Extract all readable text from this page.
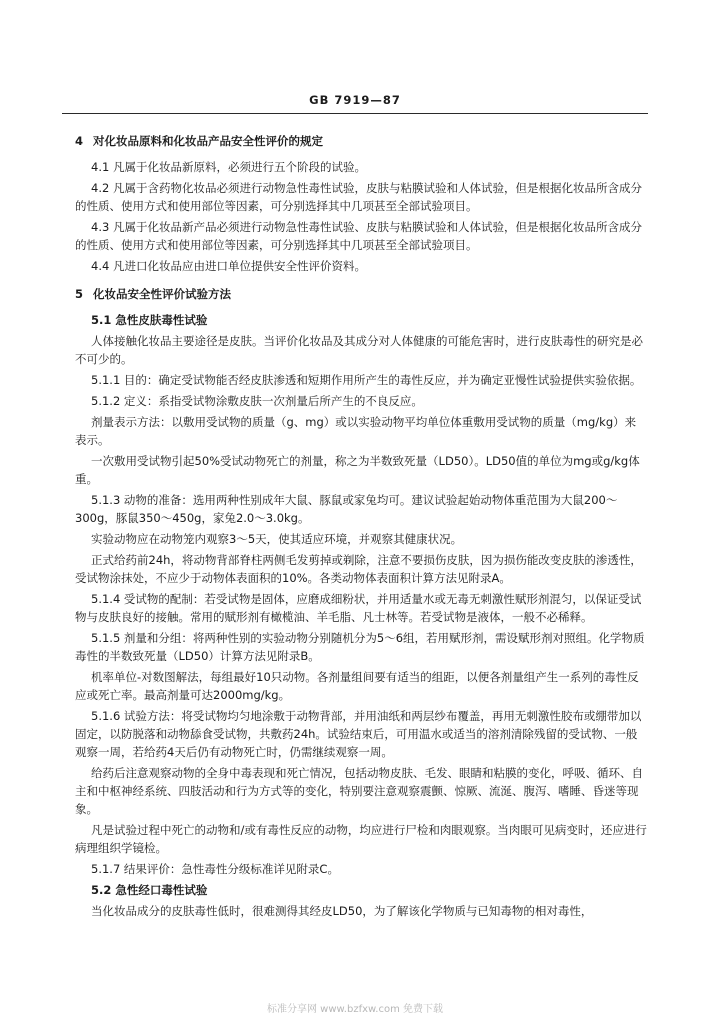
GB 7919—87
4 对化妆品原料和化妆品产品安全性评价的规定

4.1 凡属于化妆品新原料，必须进行五个阶段的试验。

4.2 凡属于含药物化妆品必须进行动物急性毒性试验，皮肤与粘膜试验和人体试验，但是根据化妆品所含成分的性质、使用方式和使用部位等因素，可分别选择其中几项甚至全部试验项目。

4.3 凡属于化妆品新产品必须进行动物急性毒性试验、皮肤与粘膜试验和人体试验，但是根据化妆品所含成分的性质、使用方式和使用部位等因素，可分别选择其中几项甚至全部试验项目。

4.4 凡进口化妆品应由进口单位提供安全性评价资料。

5 化妆品安全性评价试验方法

5.1 急性皮肤毒性试验

人体接触化妆品主要途径是皮肤。当评价化妆品及其成分对人体健康的可能危害时，进行皮肤毒性的研究是必不可少的。

5.1.1 目的：确定受试物能否经皮肤渗透和短期作用所产生的毒性反应，并为确定亚慢性试验提供实验依据。

5.1.2 定义：系指受试物涂敷皮肤一次剂量后所产生的不良反应。

剂量表示方法：以敷用受试物的质量（g、mg）或以实验动物平均单位体重敷用受试物的质量（mg/kg）来表示。

一次敷用受试物引起50%受试动物死亡的剂量，称之为半数致死量（LD50）。LD50值的单位为mg或g/kg体重。

5.1.3 动物的准备：选用两种性别成年大鼠、豚鼠或家兔均可。建议试验起始动物体重范围为大鼠200～300g，豚鼠350～450g，家兔2.0～3.0kg。

实验动物应在动物笼内观察3～5天，使其适应环境，并观察其健康状况。

正式给药前24h，将动物背部脊柱两侧毛发剪掉或剃除，注意不要损伤皮肤，因为损伤能改变皮肤的渗透性，受试物涂抹处，不应少于动物体表面积的10%。各类动物体表面积计算方法见附录A。

5.1.4 受试物的配制：若受试物是固体，应磨成细粉状，并用适量水或无毒无刺激性赋形剂混匀，以保证受试物与皮肤良好的接触。常用的赋形剂有橄榄油、羊毛脂、凡士林等。若受试物是液体，一般不必稀释。

5.1.5 剂量和分组：将两种性别的实验动物分别随机分为5～6组，若用赋形剂，需设赋形剂对照组。化学物质毒性的半数致死量（LD50）计算方法见附录B。

机率单位-对数图解法，每组最好10只动物。各剂量组间要有适当的组距，以便各剂量组产生一系列的毒性反应或死亡率。最高剂量可达2000mg/kg。

5.1.6 试验方法：将受试物均匀地涂敷于动物背部，并用油纸和两层纱布覆盖，再用无刺激性胶布或绷带加以固定，以防脱落和动物舔食受试物，共敷药24h。试验结束后，可用温水或适当的溶剂清除残留的受试物、一般观察一周，若给药4天后仍有动物死亡时，仍需继续观察一周。

给药后注意观察动物的全身中毒表现和死亡情况，包括动物皮肤、毛发、眼睛和粘膜的变化，呼吸、循环、自主和中枢神经系统、四肢活动和行为方式等的变化，特别要注意观察震颤、惊厥、流涎、腹泻、嗜睡、昏迷等现象。

凡是试验过程中死亡的动物和/或有毒性反应的动物，均应进行尸检和肉眼观察。当肉眼可见病变时，还应进行病理组织学镜检。

5.1.7 结果评价：急性毒性分级标准详见附录C。

5.2 急性经口毒性试验

当化妆品成分的皮肤毒性低时，很难测得其经皮LD50，为了解该化学物质与已知毒物的相对毒性，

标准分享网 www.bzfxw.com 免费下载
